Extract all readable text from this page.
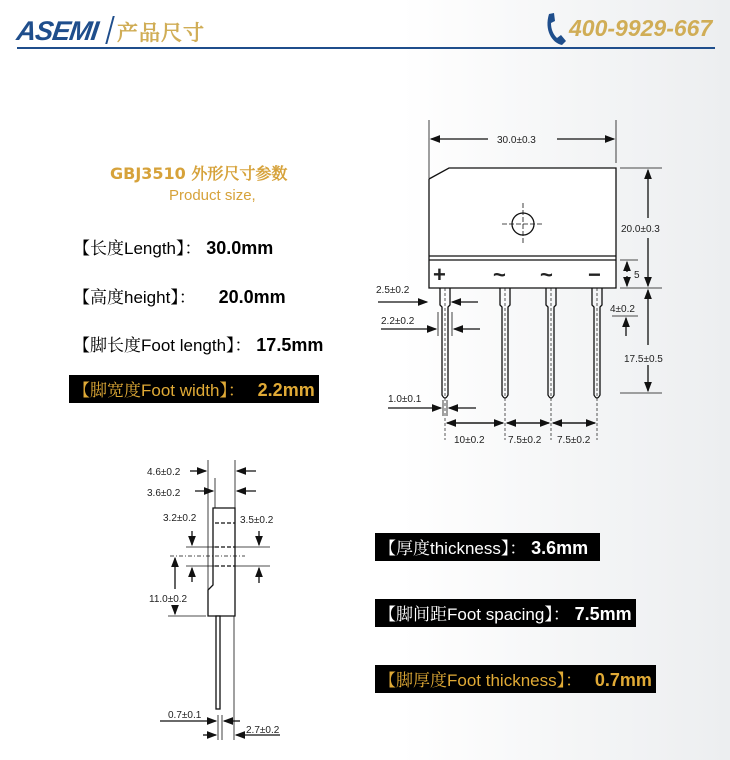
ASEMI 产品尺寸	400-9929-667
GBJ3510 外形尺寸参数
Product size,
【长度Length】： 30.0mm
【高度height】： 20.0mm
【脚长度Foot length】： 17.5mm
【脚宽度Foot width】： 2.2mm
【厚度thickness】： 3.6mm
【脚间距Foot spacing】： 7.5mm
【脚厚度Foot thickness】： 0.7mm
+ ~ ~ −
30.0±0.3
20.0±0.3
5
2.5±0.2
2.2±0.2
4±0.2
17.5±0.5
1.0±0.1
10±0.2 7.5±0.2 7.5±0.2
4.6±0.2
3.6±0.2
3.2±0.2	3.5±0.2
11.0±0.2
0.7±0.1
2.7±0.2
